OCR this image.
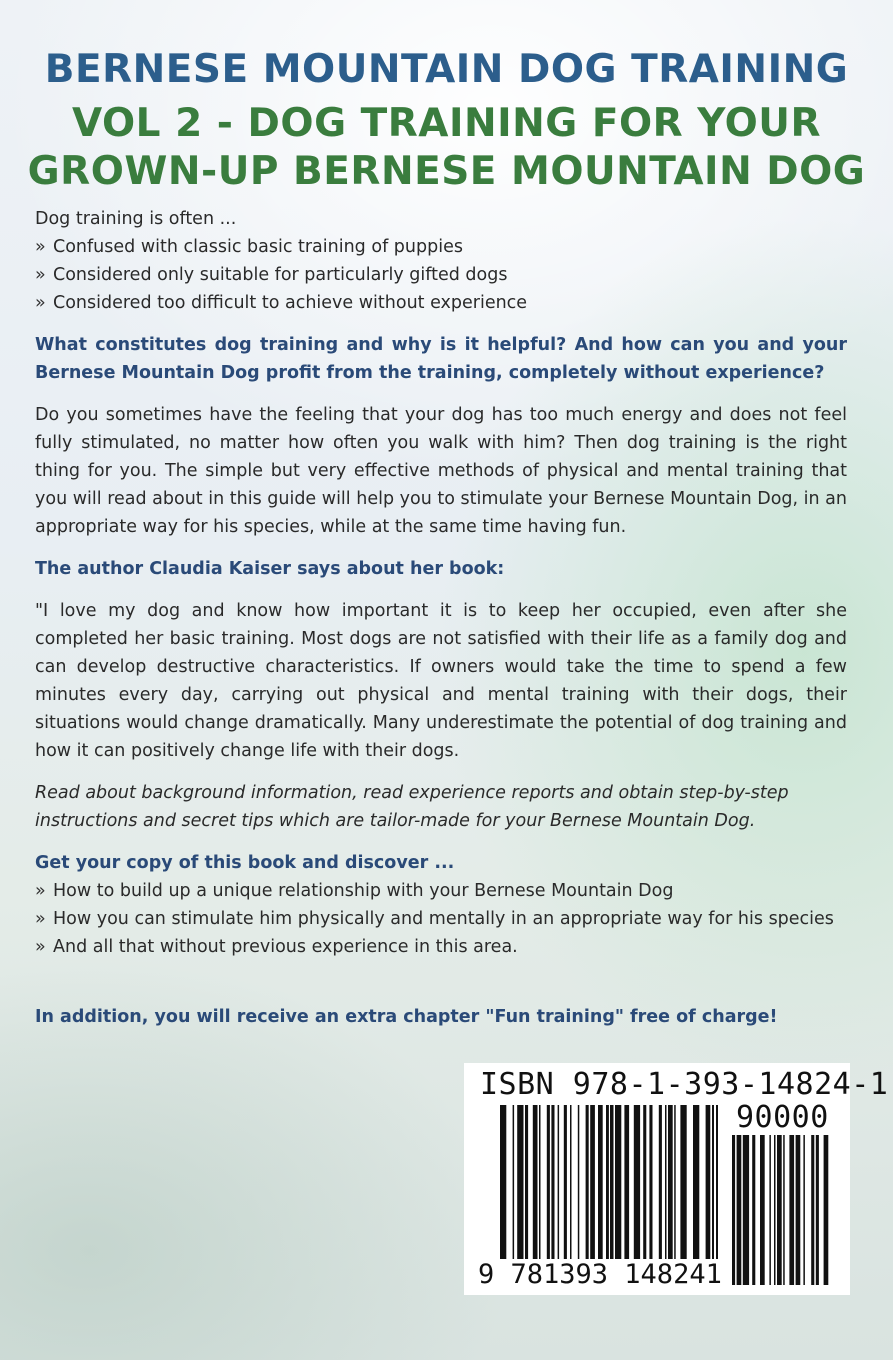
BERNESE MOUNTAIN DOG TRAINING
VOL 2 - DOG TRAINING FOR YOUR
GROWN-UP BERNESE MOUNTAIN DOG

Dog training is often ...

» Confused with classic basic training of puppies
» Considered only suitable for particularly gifted dogs
» Considered too difficult to achieve without experience

What constitutes dog training and why is it helpful? And how can you and your Bernese Mountain Dog profit from the training, completely without experience?

Do you sometimes have the feeling that your dog has too much energy and does not feel fully stimulated, no matter how often you walk with him? Then dog training is the right thing for you. The simple but very effective methods of physical and mental training that you will read about in this guide will help you to stimulate your Bernese Mountain Dog, in an appropriate way for his species, while at the same time having fun.

The author Claudia Kaiser says about her book:

"I love my dog and know how important it is to keep her occupied, even after she completed her basic training. Most dogs are not satisfied with their life as a family dog and can develop destructive characteristics. If owners would take the time to spend a few minutes every day, carrying out physical and mental training with their dogs, their situations would change dramatically. Many underestimate the potential of dog training and how it can positively change life with their dogs.

Read about background information, read experience reports and obtain step-by-step instructions and secret tips which are tailor-made for your Bernese Mountain Dog.

Get your copy of this book and discover ...

» How to build up a unique relationship with your Bernese Mountain Dog
» How you can stimulate him physically and mentally in an appropriate way for his species
» And all that without previous experience in this area.

In addition, you will receive an extra chapter "Fun training" free of charge!

ISBN 978-1-393-14824-1
90000
9 781393 148241
